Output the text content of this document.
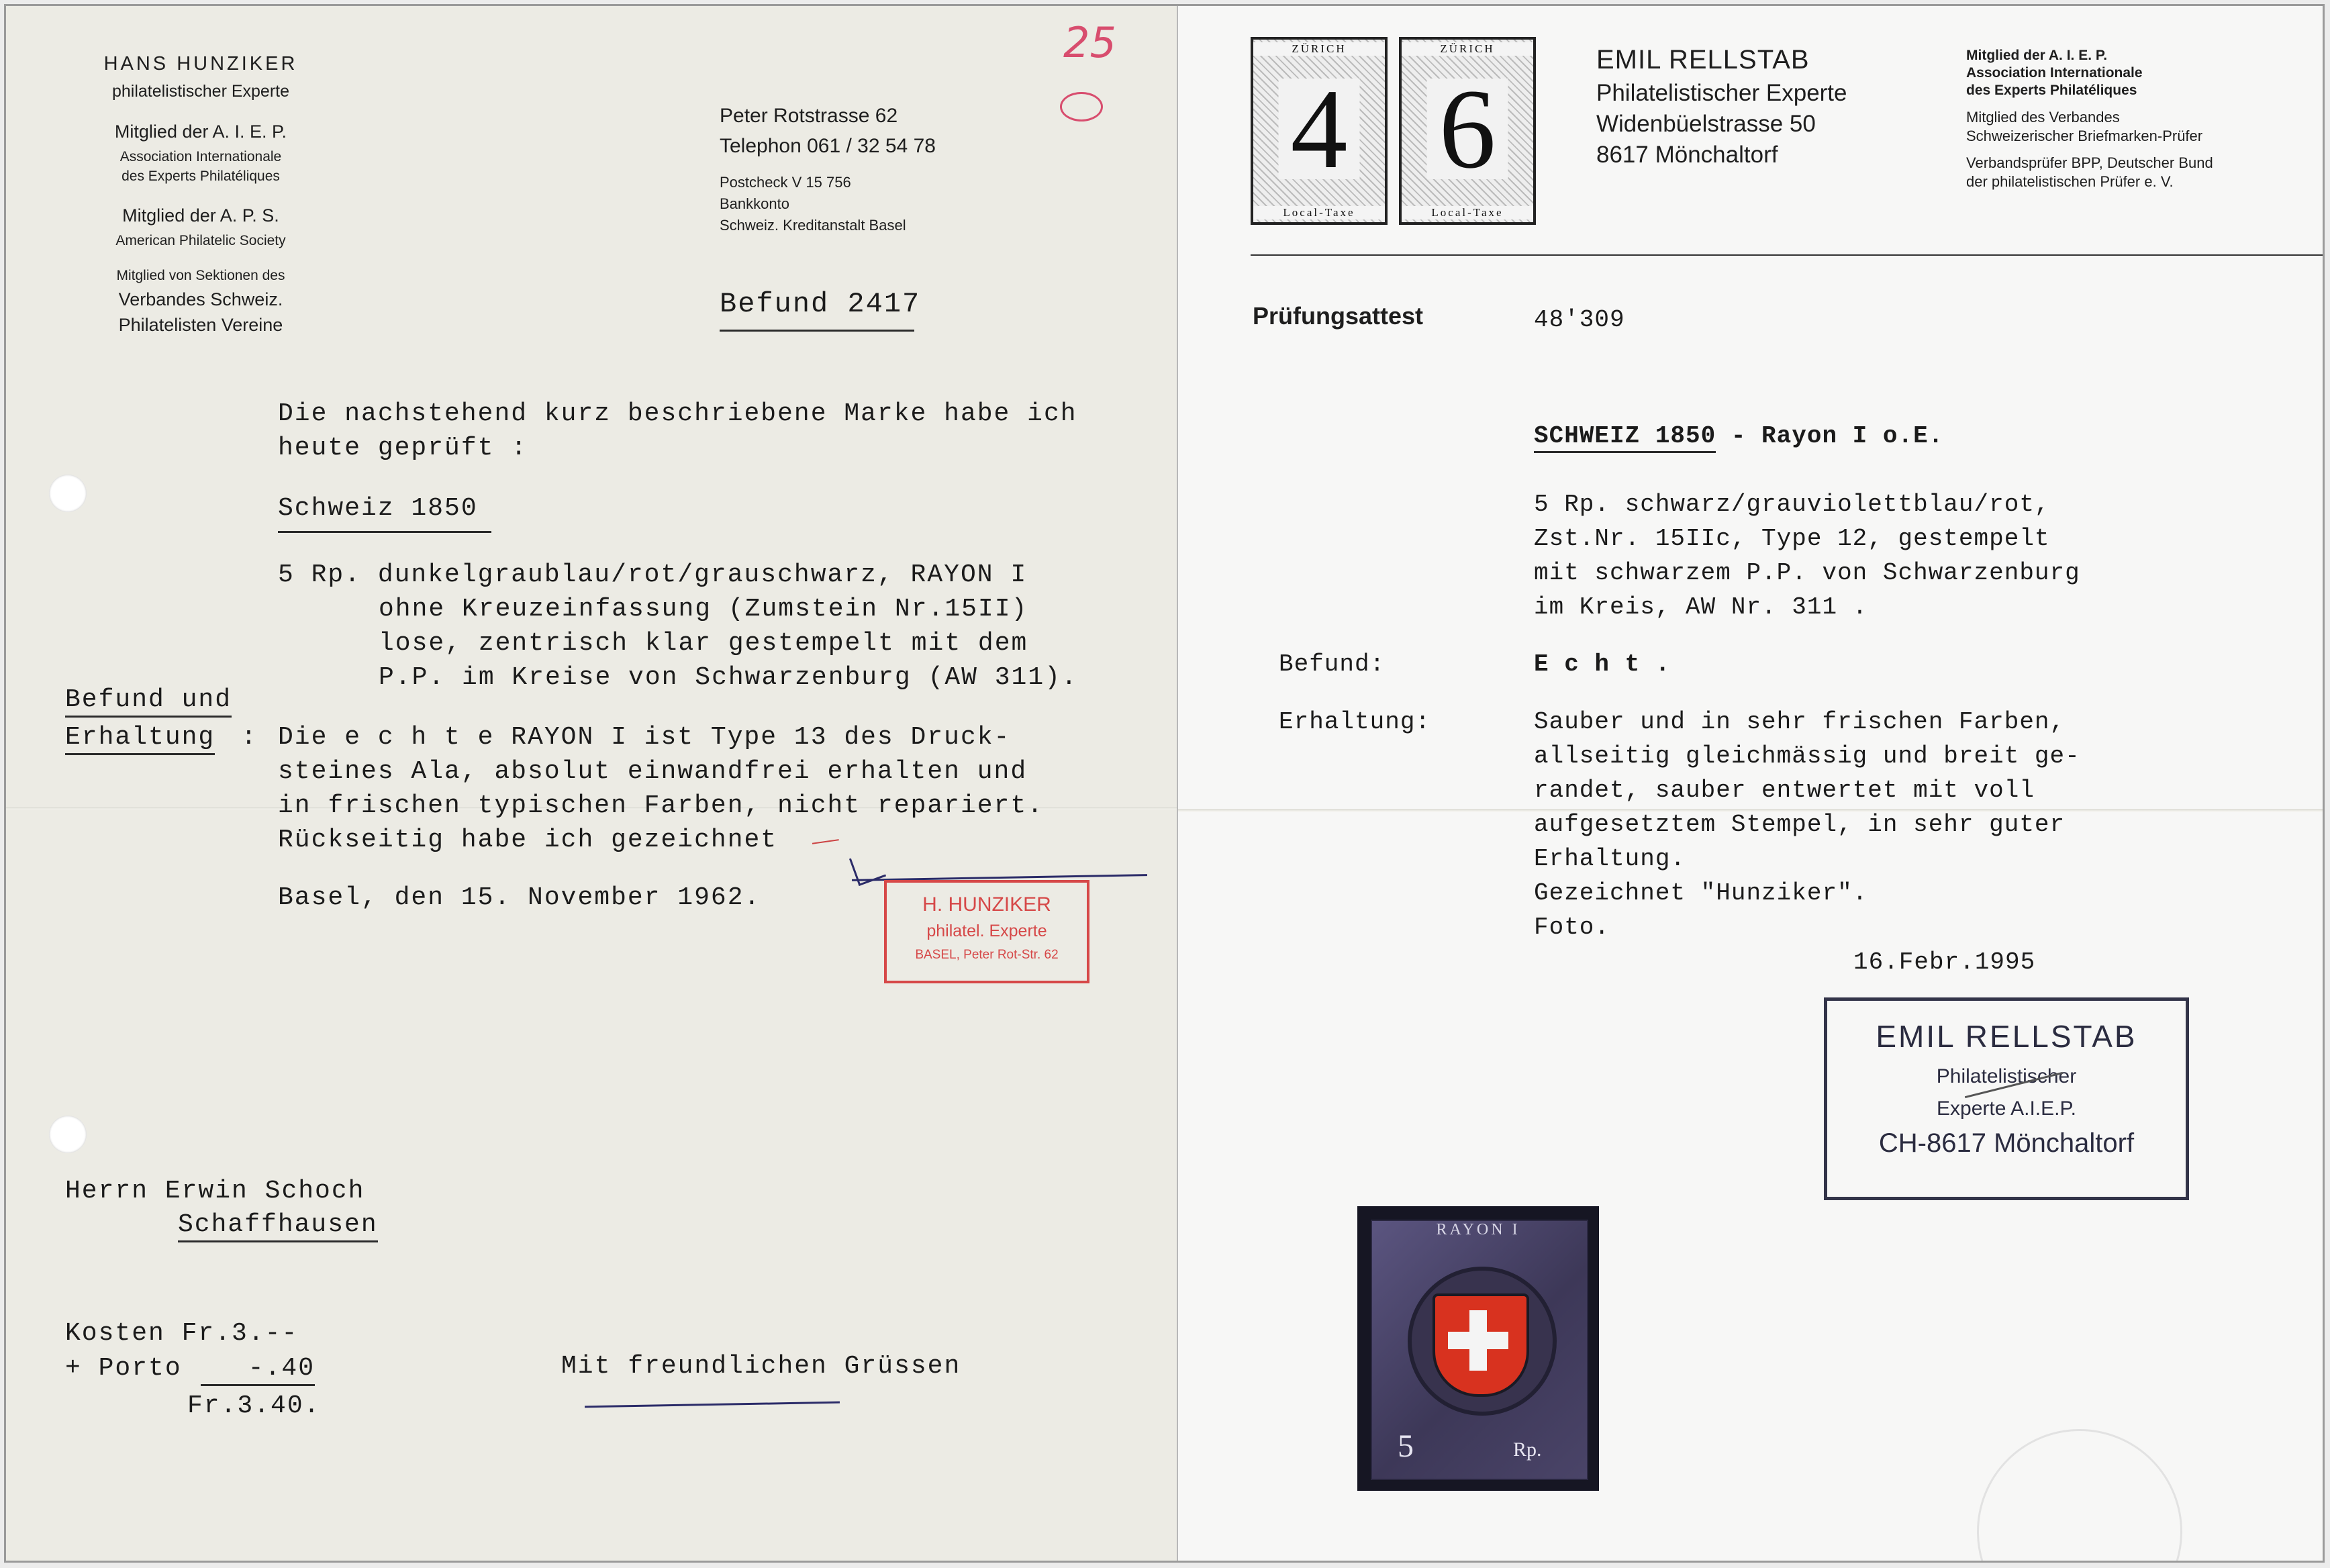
HANS HUNZIKER
philatelistischer Experte
Mitglied der A. I. E. P.
Association Internationale
des Experts Philatéliques
Mitglied der A. P. S.
American Philatelic Society
Mitglied von Sektionen des
Verbandes Schweiz.
Philatelisten Vereine
Peter Rotstrasse 62
Telephon 061 / 32 54 78
Postcheck V 15 756
Bankkonto
Schweiz. Kreditanstalt Basel
25
Befund 2417
Die nachstehend kurz beschriebene Marke habe ich
heute geprüft :
Schweiz 1850
5 Rp. dunkelgraublau/rot/grauschwarz, RAYON I
ohne Kreuzeinfassung (Zumstein Nr.15II)
lose, zentrisch klar gestempelt mit dem
P.P. im Kreise von Schwarzenburg (AW 311).
Befund und
Erhaltung : Die e c h t e RAYON I ist Type 13 des Druck-
steines Ala, absolut einwandfrei erhalten und
in frischen typischen Farben, nicht repariert.
Rückseitig habe ich gezeichnet
Basel, den 15. November 1962.	H. HUNZIKER
philatel. Experte
BASEL, Peter Rot-Str. 62
Herrn Erwin Schoch
Schaffhausen
Kosten Fr.3.--
+ Porto	-.40
Fr.3.40.
Mit freundlichen Grüssen

ZÜRICH
4
Local-Taxe
ZÜRICH
6
Local-Taxe
EMIL RELLSTAB
Philatelistischer Experte
Widenbüelstrasse 50
8617 Mönchaltorf
Mitglied der A. I. E. P.
Association Internationale
des Experts Philatéliques
Mitglied des Verbandes
Schweizerischer Briefmarken-Prüfer
Verbandsprüfer BPP, Deutscher Bund
der philatelistischen Prüfer e. V.
Prüfungsattest	48'309
SCHWEIZ 1850 - Rayon I o.E.
5 Rp. schwarz/grauviolettblau/rot,
Zst.Nr. 15IIc, Type 12, gestempelt
mit schwarzem P.P. von Schwarzenburg
im Kreis, AW Nr. 311 .
Befund:	E c h t .
Erhaltung:	Sauber und in sehr frischen Farben,
allseitig gleichmässig und breit ge-
randet, sauber entwertet mit voll
aufgesetztem Stempel, in sehr guter
Erhaltung.
Gezeichnet "Hunziker".
Foto.
16.Febr.1995
EMIL RELLSTAB
Philatelistischer
Experte A.I.E.P.
CH-8617 Mönchaltorf
RAYON I
5	Rp.
